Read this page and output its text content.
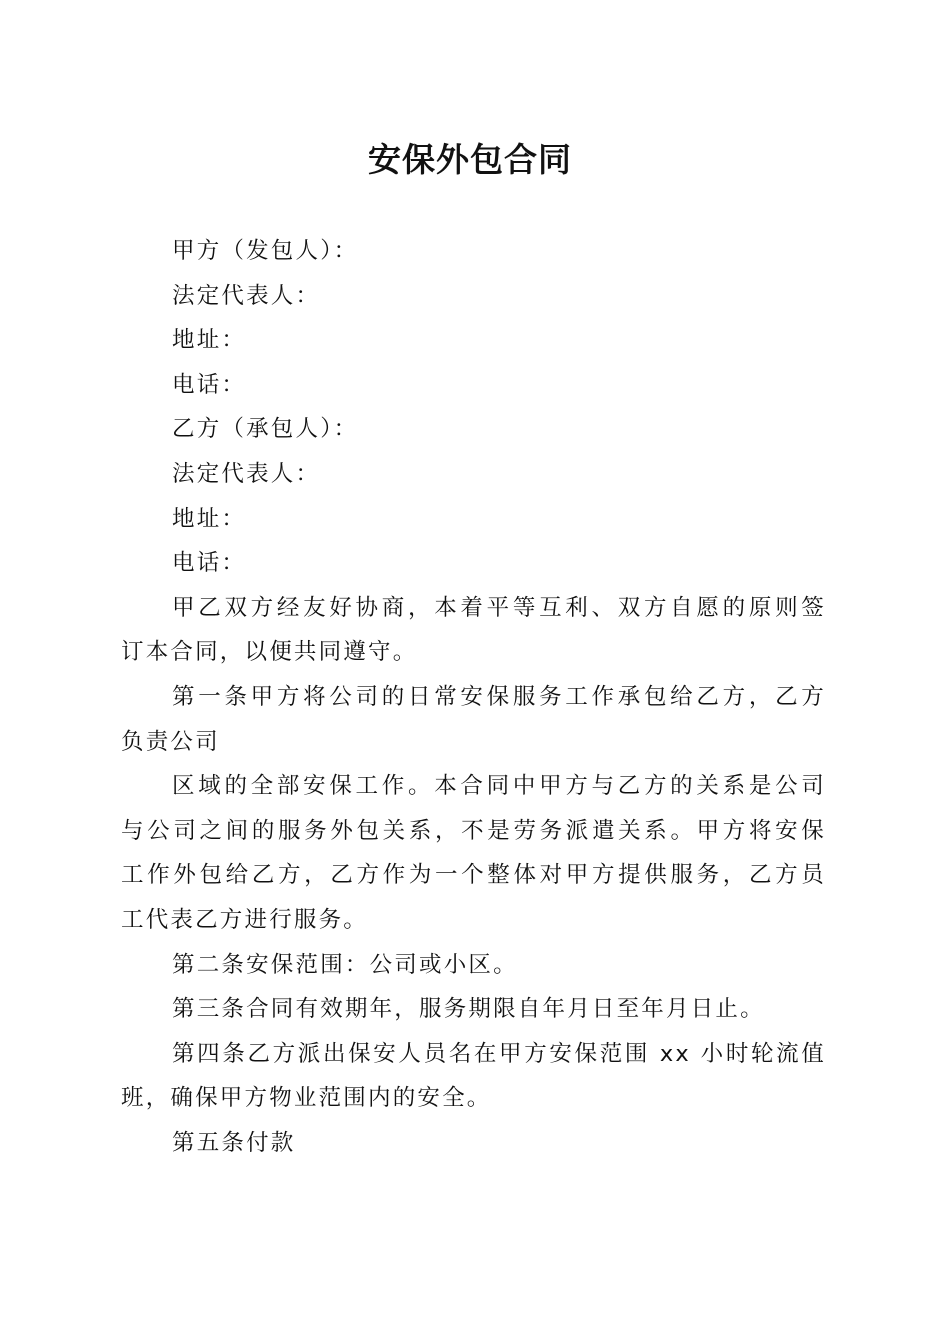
安保外包合同
甲方（发包人）：
法定代表人：
地址：
电话：
乙方（承包人）：
法定代表人：
地址：
电话：
甲乙双方经友好协商，本着平等互利、双方自愿的原则签
订本合同，以便共同遵守。
第一条甲方将公司的日常安保服务工作承包给乙方，乙方
负责公司
区域的全部安保工作。本合同中甲方与乙方的关系是公司
与公司之间的服务外包关系，不是劳务派遣关系。甲方将安保
工作外包给乙方，乙方作为一个整体对甲方提供服务，乙方员
工代表乙方进行服务。
第二条安保范围：公司或小区。
第三条合同有效期年，服务期限自年月日至年月日止。
第四条乙方派出保安人员名在甲方安保范围 xx 小时轮流值
班，确保甲方物业范围内的安全。
第五条付款
